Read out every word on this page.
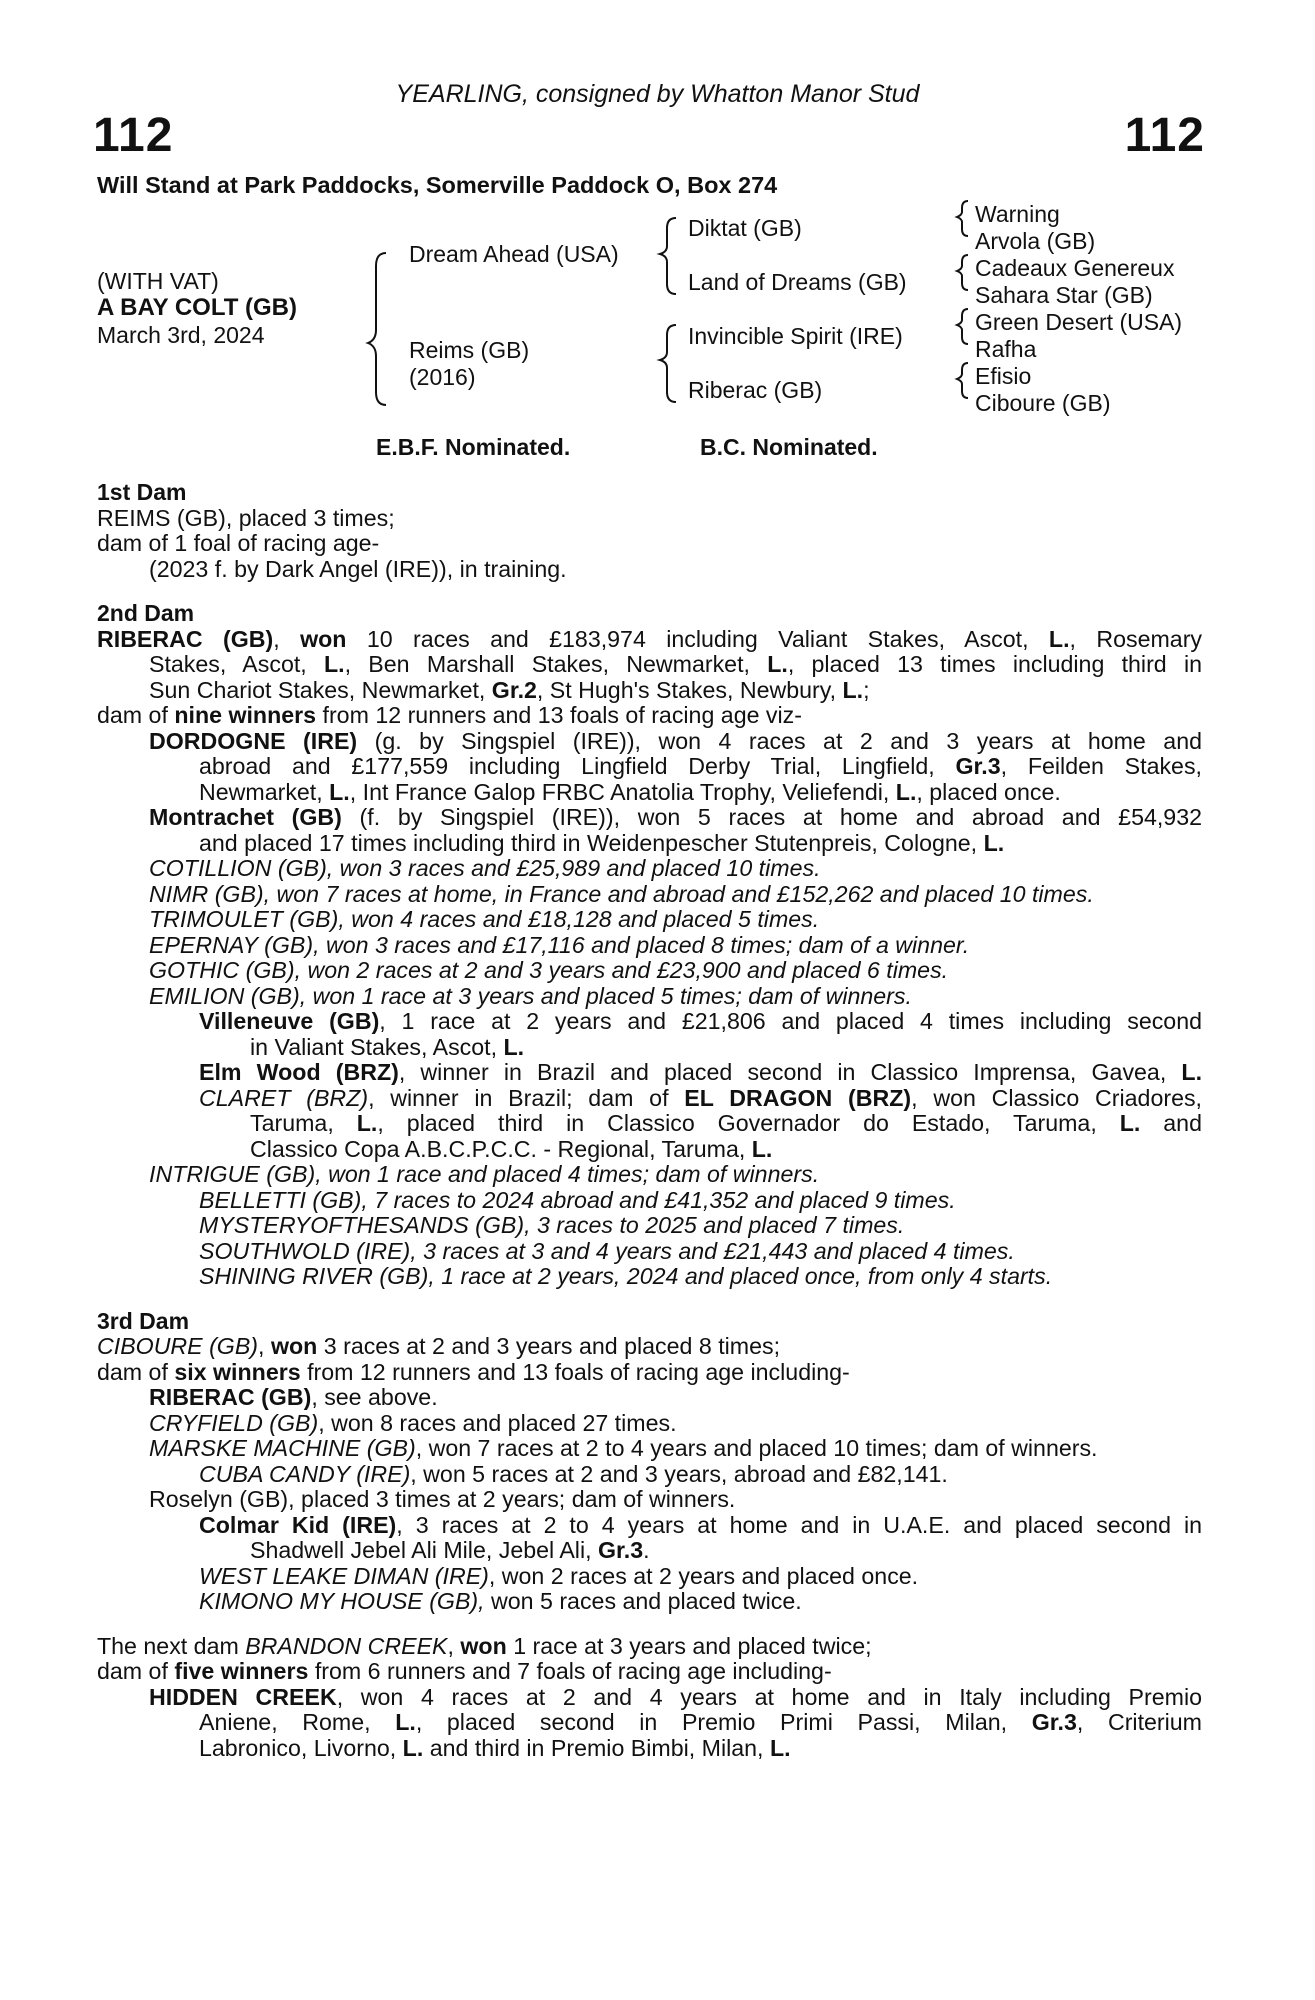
YEARLING, consigned by Whatton Manor Stud
112	112
Will Stand at Park Paddocks, Somerville Paddock O, Box 274
(WITH VAT)
A BAY COLT (GB)
March 3rd, 2024
Dream Ahead (USA)
Reims (GB)
(2016)
Diktat (GB)
Land of Dreams (GB)
Invincible Spirit (IRE)
Riberac (GB)
Warning
Arvola (GB)
Cadeaux Genereux
Sahara Star (GB)
Green Desert (USA)
Rafha
Efisio
Ciboure (GB)
E.B.F. Nominated.	B.C. Nominated.
1st Dam
REIMS (GB), placed 3 times;
dam of 1 foal of racing age-
(2023 f. by Dark Angel (IRE)), in training.
2nd Dam
RIBERAC (GB), won 10 races and £183,974 including Valiant Stakes, Ascot, L., Rosemary
Stakes, Ascot, L., Ben Marshall Stakes, Newmarket, L., placed 13 times including third in
Sun Chariot Stakes, Newmarket, Gr.2, St Hugh's Stakes, Newbury, L.;
dam of nine winners from 12 runners and 13 foals of racing age viz-
DORDOGNE (IRE) (g. by Singspiel (IRE)), won 4 races at 2 and 3 years at home and
abroad and £177,559 including Lingfield Derby Trial, Lingfield, Gr.3, Feilden Stakes,
Newmarket, L., Int France Galop FRBC Anatolia Trophy, Veliefendi, L., placed once.
Montrachet (GB) (f. by Singspiel (IRE)), won 5 races at home and abroad and £54,932
and placed 17 times including third in Weidenpescher Stutenpreis, Cologne, L.
COTILLION (GB), won 3 races and £25,989 and placed 10 times.
NIMR (GB), won 7 races at home, in France and abroad and £152,262 and placed 10 times.
TRIMOULET (GB), won 4 races and £18,128 and placed 5 times.
EPERNAY (GB), won 3 races and £17,116 and placed 8 times; dam of a winner.
GOTHIC (GB), won 2 races at 2 and 3 years and £23,900 and placed 6 times.
EMILION (GB), won 1 race at 3 years and placed 5 times; dam of winners.
Villeneuve (GB), 1 race at 2 years and £21,806 and placed 4 times including second
in Valiant Stakes, Ascot, L.
Elm Wood (BRZ), winner in Brazil and placed second in Classico Imprensa, Gavea, L.
CLARET (BRZ), winner in Brazil; dam of EL DRAGON (BRZ), won Classico Criadores,
Taruma, L., placed third in Classico Governador do Estado, Taruma, L. and
Classico Copa A.B.C.P.C.C. - Regional, Taruma, L.
INTRIGUE (GB), won 1 race and placed 4 times; dam of winners.
BELLETTI (GB), 7 races to 2024 abroad and £41,352 and placed 9 times.
MYSTERYOFTHESANDS (GB), 3 races to 2025 and placed 7 times.
SOUTHWOLD (IRE), 3 races at 3 and 4 years and £21,443 and placed 4 times.
SHINING RIVER (GB), 1 race at 2 years, 2024 and placed once, from only 4 starts.
3rd Dam
CIBOURE (GB), won 3 races at 2 and 3 years and placed 8 times;
dam of six winners from 12 runners and 13 foals of racing age including-
RIBERAC (GB), see above.
CRYFIELD (GB), won 8 races and placed 27 times.
MARSKE MACHINE (GB), won 7 races at 2 to 4 years and placed 10 times; dam of winners.
CUBA CANDY (IRE), won 5 races at 2 and 3 years, abroad and £82,141.
Roselyn (GB), placed 3 times at 2 years; dam of winners.
Colmar Kid (IRE), 3 races at 2 to 4 years at home and in U.A.E. and placed second in
Shadwell Jebel Ali Mile, Jebel Ali, Gr.3.
WEST LEAKE DIMAN (IRE), won 2 races at 2 years and placed once.
KIMONO MY HOUSE (GB), won 5 races and placed twice.
The next dam BRANDON CREEK, won 1 race at 3 years and placed twice;
dam of five winners from 6 runners and 7 foals of racing age including-
HIDDEN CREEK, won 4 races at 2 and 4 years at home and in Italy including Premio
Aniene, Rome, L., placed second in Premio Primi Passi, Milan, Gr.3, Criterium
Labronico, Livorno, L. and third in Premio Bimbi, Milan, L.
